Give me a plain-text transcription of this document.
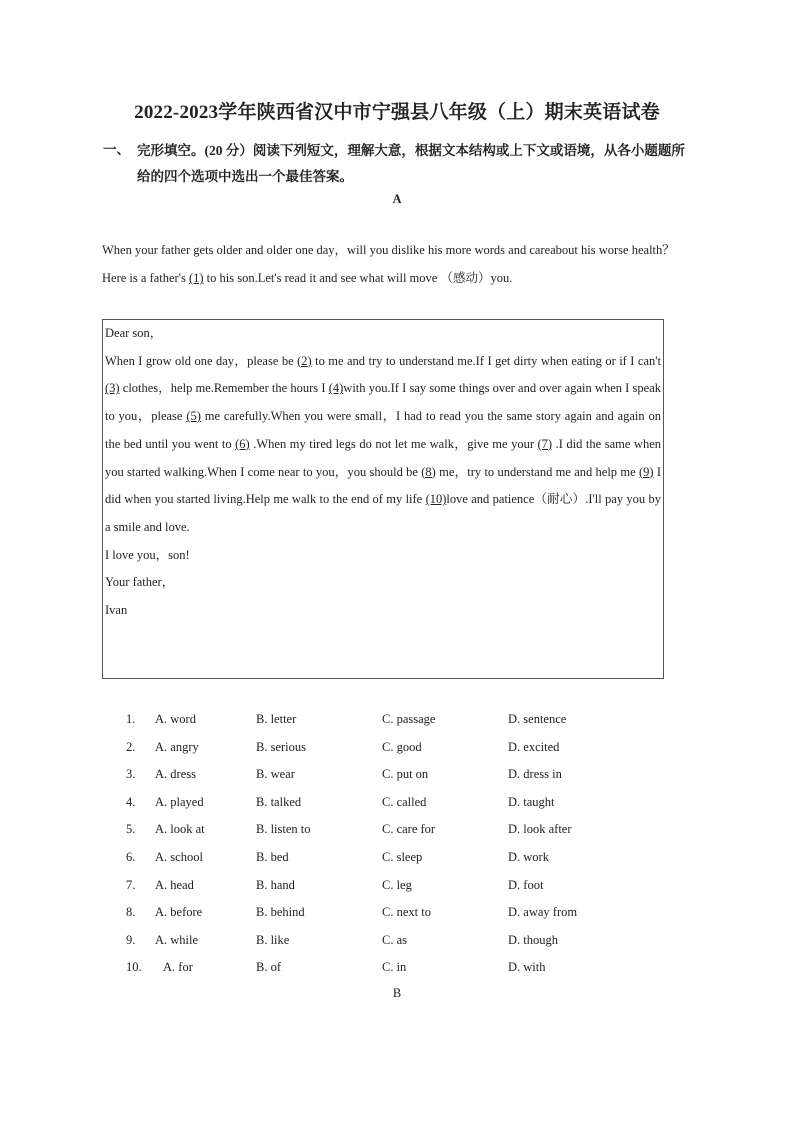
2022-2023学年陕西省汉中市宁强县八年级（上）期末英语试卷
一、 完形填空。(20 分）阅读下列短文，理解大意，根据文本结构或上下文或语境，从各小题题所给的四个选项中选出一个最佳答案。
A
When your father gets older and older one day，will you dislike his more words and careabout his worse health？Here is a father's (1) to his son.Let's read it and see what will move （感动）you.
Dear son，
When I grow old one day，please be (2) to me and try to understand me.If I get dirty when eating or if I can't (3) clothes，help me.Remember the hours I (4)with you.If I say some things over and over again when I speak to you，please (5) me carefully.When you were small，I had to read you the same story again and again on the bed until you went to (6) .When my tired legs do not let me walk，give me your (7) .I did the same when you started walking.When I come near to you，you should be (8) me，try to understand me and help me (9) I did when you started living.Help me walk to the end of my life (10)love and patience（耐心）.I'll pay you by a smile and love.
I love you，son!
Your father，
Ivan
1. A. word	B. letter	C. passage	D. sentence
2. A. angry	B. serious	C. good	D. excited
3. A. dress	B. wear	C. put on	D. dress in
4. A. played	B. talked	C. called	D. taught
5. A. look at	B. listen to	C. care for	D. look after
6. A. school	B. bed	C. sleep	D. work
7. A. head	B. hand	C. leg	D. foot
8. A. before	B. behind	C. next to	D. away from
9. A. while	B. like	C. as	D. though
10. A. for	B. of	C. in	D. with
B
